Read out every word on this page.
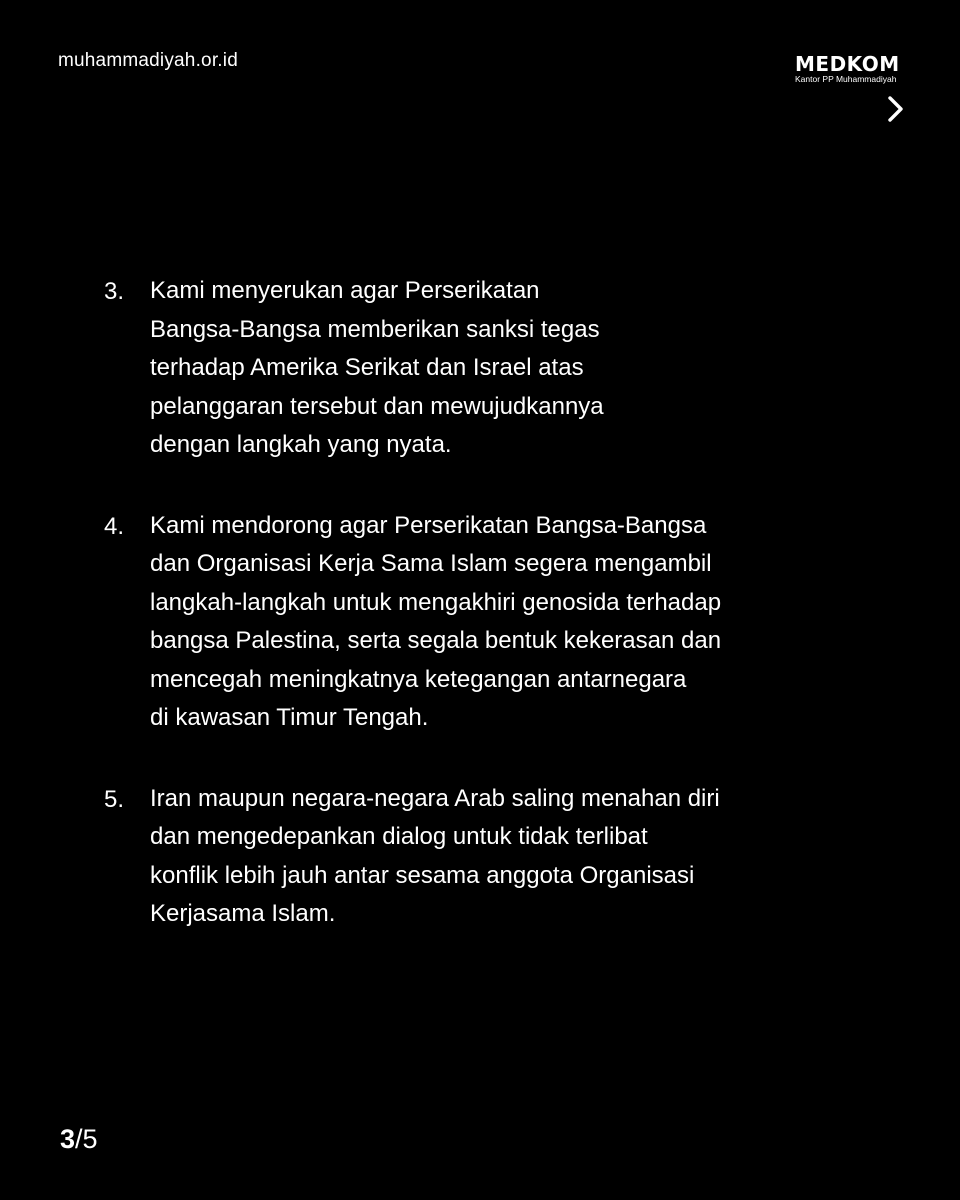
muhammadiyah.or.id	MEDKOM
Kantor PP Muhammadiyah
3.	Kami menyerukan agar Perserikatan
Bangsa-Bangsa memberikan sanksi tegas
terhadap Amerika Serikat dan Israel atas
pelanggaran tersebut dan mewujudkannya
dengan langkah yang nyata.
4.	Kami mendorong agar Perserikatan Bangsa-Bangsa
dan Organisasi Kerja Sama Islam segera mengambil
langkah-langkah untuk mengakhiri genosida terhadap
bangsa Palestina, serta segala bentuk kekerasan dan
mencegah meningkatnya ketegangan antarnegara
di kawasan Timur Tengah.
5.	Iran maupun negara-negara Arab saling menahan diri
dan mengedepankan dialog untuk tidak terlibat
konflik lebih jauh antar sesama anggota Organisasi
Kerjasama Islam.
3/5
